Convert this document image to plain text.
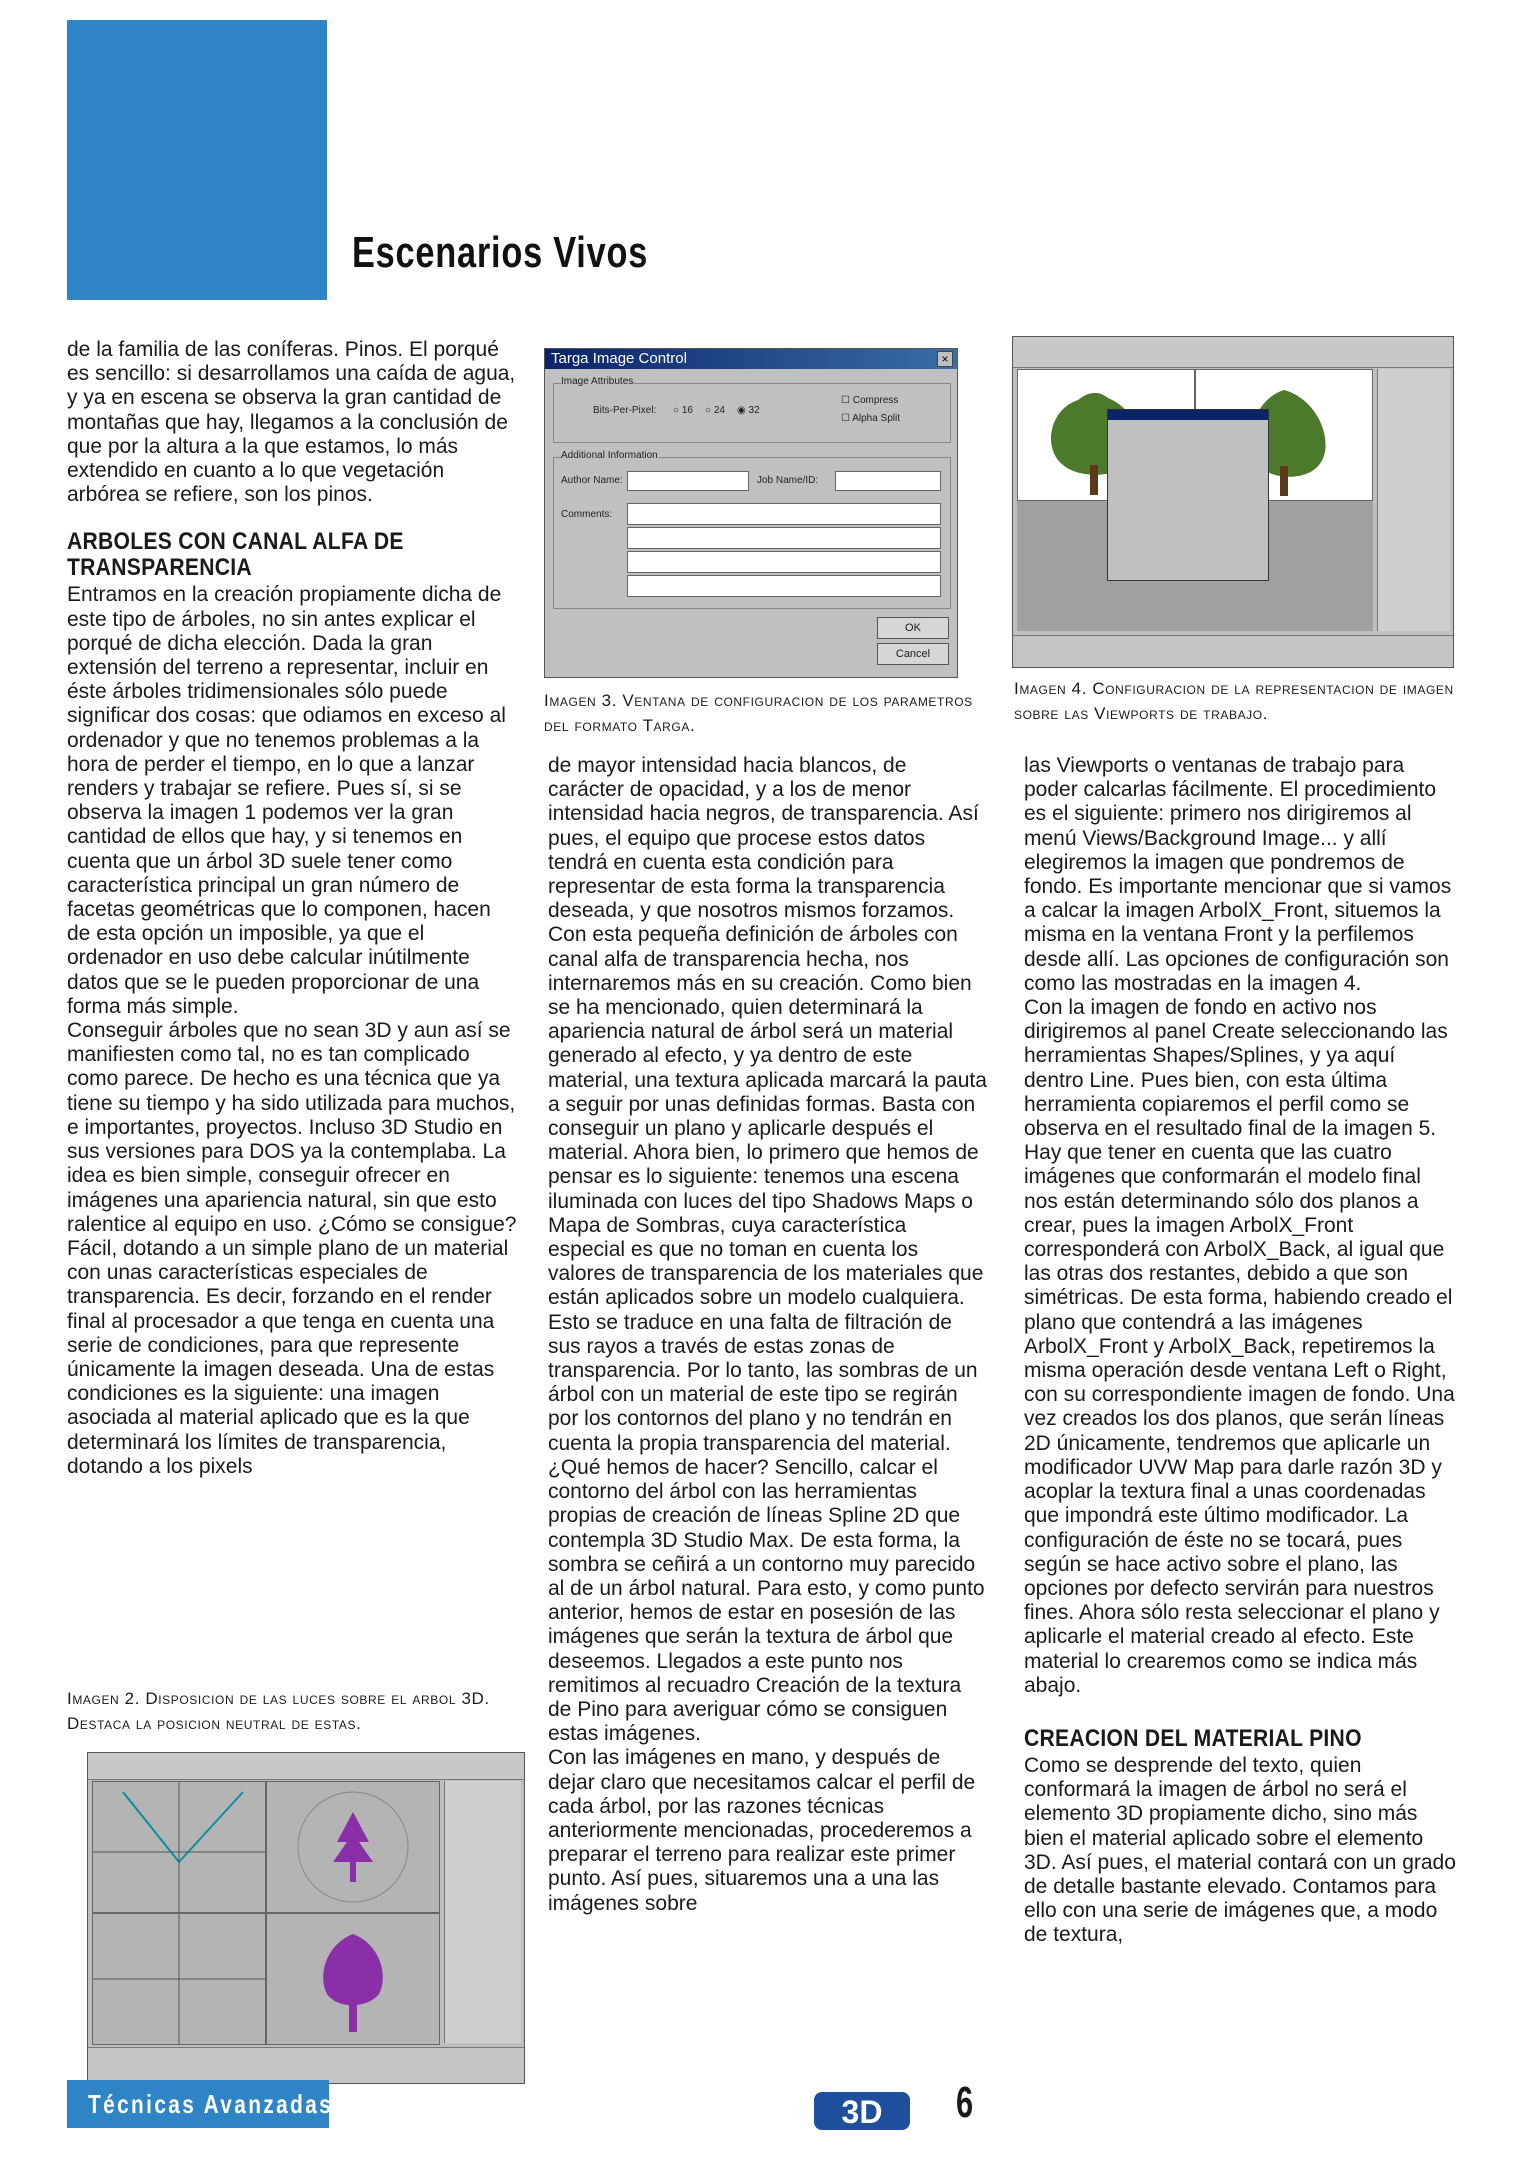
Escenarios Vivos

de la familia de las coníferas. Pinos. El porqué es sencillo: si desarrollamos una caída de agua, y ya en escena se observa la gran cantidad de montañas que hay, llegamos a la conclusión de que por la altura a la que estamos, lo más extendido en cuanto a lo que vegetación arbórea se refiere, son los pinos.

ARBOLES CON CANAL ALFA DE TRANSPARENCIA

Entramos en la creación propiamente dicha de este tipo de árboles, no sin antes explicar el porqué de dicha elección. Dada la gran extensión del terreno a representar, incluir en éste árboles tridimensionales sólo puede significar dos cosas: que odiamos en exceso al ordenador y que no tenemos problemas a la hora de perder el tiempo, en lo que a lanzar renders y trabajar se refiere. Pues sí, si se observa la imagen 1 podemos ver la gran cantidad de ellos que hay, y si tenemos en cuenta que un árbol 3D suele tener como característica principal un gran número de facetas geométricas que lo componen, hacen de esta opción un imposible, ya que el ordenador en uso debe calcular inútilmente datos que se le pueden proporcionar de una forma más simple.

Conseguir árboles que no sean 3D y aun así se manifiesten como tal, no es tan complicado como parece. De hecho es una técnica que ya tiene su tiempo y ha sido utilizada para muchos, e importantes, proyectos. Incluso 3D Studio en sus versiones para DOS ya la contemplaba. La idea es bien simple, conseguir ofrecer en imágenes una apariencia natural, sin que esto ralentice al equipo en uso. ¿Cómo se consigue? Fácil, dotando a un simple plano de un material con unas características especiales de transparencia. Es decir, forzando en el render final al procesador a que tenga en cuenta una serie de condiciones, para que represente únicamente la imagen deseada. Una de estas condiciones es la siguiente: una imagen asociada al material aplicado que es la que determinará los límites de transparencia, dotando a los pixels

Imagen 2. Disposicion de las luces sobre el arbol 3D. Destaca la posicion neutral de estas.
Targa Image Control	×
Image Attributes
Bits-Per-Pixel: ○ 16 ○ 24 ◉ 32
☐ Compress
☐ Alpha Split
Additional Information
Author Name:	Job Name/ID:
Comments:
OK
Cancel
Imagen 3. Ventana de configuracion de los parametros del formato Targa.

de mayor intensidad hacia blancos, de carácter de opacidad, y a los de menor intensidad hacia negros, de transparencia. Así pues, el equipo que procese estos datos tendrá en cuenta esta condición para representar de esta forma la transparencia deseada, y que nosotros mismos forzamos.

Con esta pequeña definición de árboles con canal alfa de transparencia hecha, nos internaremos más en su creación. Como bien se ha mencionado, quien determinará la apariencia natural de árbol será un material generado al efecto, y ya dentro de este material, una textura aplicada marcará la pauta a seguir por unas definidas formas. Basta con conseguir un plano y aplicarle después el material. Ahora bien, lo primero que hemos de pensar es lo siguiente: tenemos una escena iluminada con luces del tipo Shadows Maps o Mapa de Sombras, cuya característica especial es que no toman en cuenta los valores de transparencia de los materiales que están aplicados sobre un modelo cualquiera. Esto se traduce en una falta de filtración de sus rayos a través de estas zonas de transparencia. Por lo tanto, las sombras de un árbol con un material de este tipo se regirán por los contornos del plano y no tendrán en cuenta la propia transparencia del material. ¿Qué hemos de hacer? Sencillo, calcar el contorno del árbol con las herramientas propias de creación de líneas Spline 2D que contempla 3D Studio Max. De esta forma, la sombra se ceñirá a un contorno muy parecido al de un árbol natural. Para esto, y como punto anterior, hemos de estar en posesión de las imágenes que serán la textura de árbol que deseemos. Llegados a este punto nos remitimos al recuadro Creación de la textura de Pino para averiguar cómo se consiguen estas imágenes.

Con las imágenes en mano, y después de dejar claro que necesitamos calcar el perfil de cada árbol, por las razones técnicas anteriormente mencionadas, procederemos a preparar el terreno para realizar este primer punto. Así pues, situaremos una a una las imágenes sobre

Imagen 4. Configuracion de la representacion de imagen sobre las Viewports de trabajo.

las Viewports o ventanas de trabajo para poder calcarlas fácilmente. El procedimiento es el siguiente: primero nos dirigiremos al menú Views/Background Image... y allí elegiremos la imagen que pondremos de fondo. Es importante mencionar que si vamos a calcar la imagen ArbolX_Front, situemos la misma en la ventana Front y la perfilemos desde allí. Las opciones de configuración son como las mostradas en la imagen 4.

Con la imagen de fondo en activo nos dirigiremos al panel Create seleccionando las herramientas Shapes/Splines, y ya aquí dentro Line. Pues bien, con esta última herramienta copiaremos el perfil como se observa en el resultado final de la imagen 5. Hay que tener en cuenta que las cuatro imágenes que conformarán el modelo final nos están determinando sólo dos planos a crear, pues la imagen ArbolX_Front corresponderá con ArbolX_Back, al igual que las otras dos restantes, debido a que son simétricas. De esta forma, habiendo creado el plano que contendrá a las imágenes ArbolX_Front y ArbolX_Back, repetiremos la misma operación desde ventana Left o Right, con su correspondiente imagen de fondo. Una vez creados los dos planos, que serán líneas 2D únicamente, tendremos que aplicarle un modificador UVW Map para darle razón 3D y acoplar la textura final a unas coordenadas que impondrá este último modificador. La configuración de éste no se tocará, pues según se hace activo sobre el plano, las opciones por defecto servirán para nuestros fines. Ahora sólo resta seleccionar el plano y aplicarle el material creado al efecto. Este material lo crearemos como se indica más abajo.

CREACION DEL MATERIAL PINO

Como se desprende del texto, quien conformará la imagen de árbol no será el elemento 3D propiamente dicho, sino más bien el material aplicado sobre el elemento 3D. Así pues, el material contará con un grado de detalle bastante elevado. Contamos para ello con una serie de imágenes que, a modo de textura,

Técnicas Avanzadas	3D 6
